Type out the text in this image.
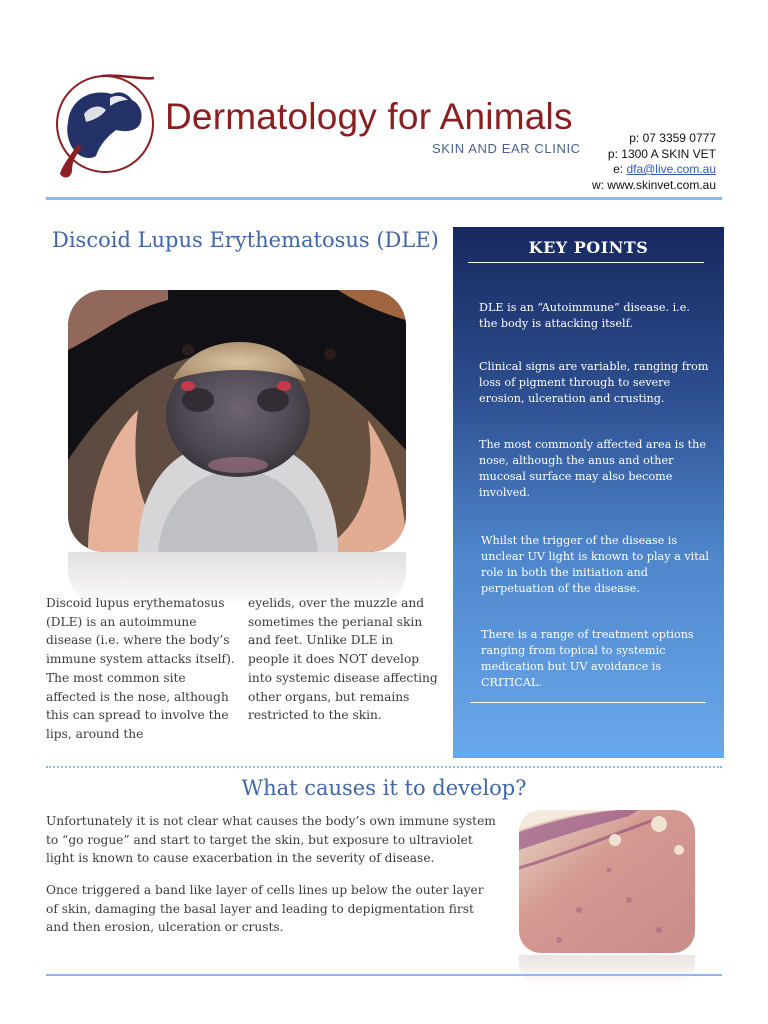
Dermatology for Animals
SKIN AND EAR CLINIC
p: 07 3359 0777
p: 1300 A SKIN VET
e: dfa@live.com.au
w: www.skinvet.com.au
Discoid Lupus Erythematosus (DLE)
Discoid lupus erythematosus (DLE) is an autoimmune disease (i.e. where the body’s immune system attacks itself). The most common site affected is the nose, although this can spread to involve the lips, around the
eyelids, over the muzzle and sometimes the perianal skin and feet. Unlike DLE in people it does NOT develop into systemic disease affecting other organs, but remains restricted to the skin.
KEY POINTS
DLE is an “Autoimmune” disease. i.e. the body is attacking itself.
Clinical signs are variable, ranging from loss of pigment through to severe erosion, ulceration and crusting.
The most commonly affected area is the nose, although the anus and other mucosal surface may also become involved.
Whilst the trigger of the disease is unclear UV light is known to play a vital role in both the initiation and perpetuation of the disease.
There is a range of treatment options ranging from topical to systemic medication but UV avoidance is CRITICAL.
What causes it to develop?
Unfortunately it is not clear what causes the body’s own immune system to “go rogue” and start to target the skin, but exposure to ultraviolet light is known to cause exacerbation in the severity of disease.
Once triggered a band like layer of cells lines up below the outer layer of skin, damaging the basal layer and leading to depigmentation first and then erosion, ulceration or crusts.
